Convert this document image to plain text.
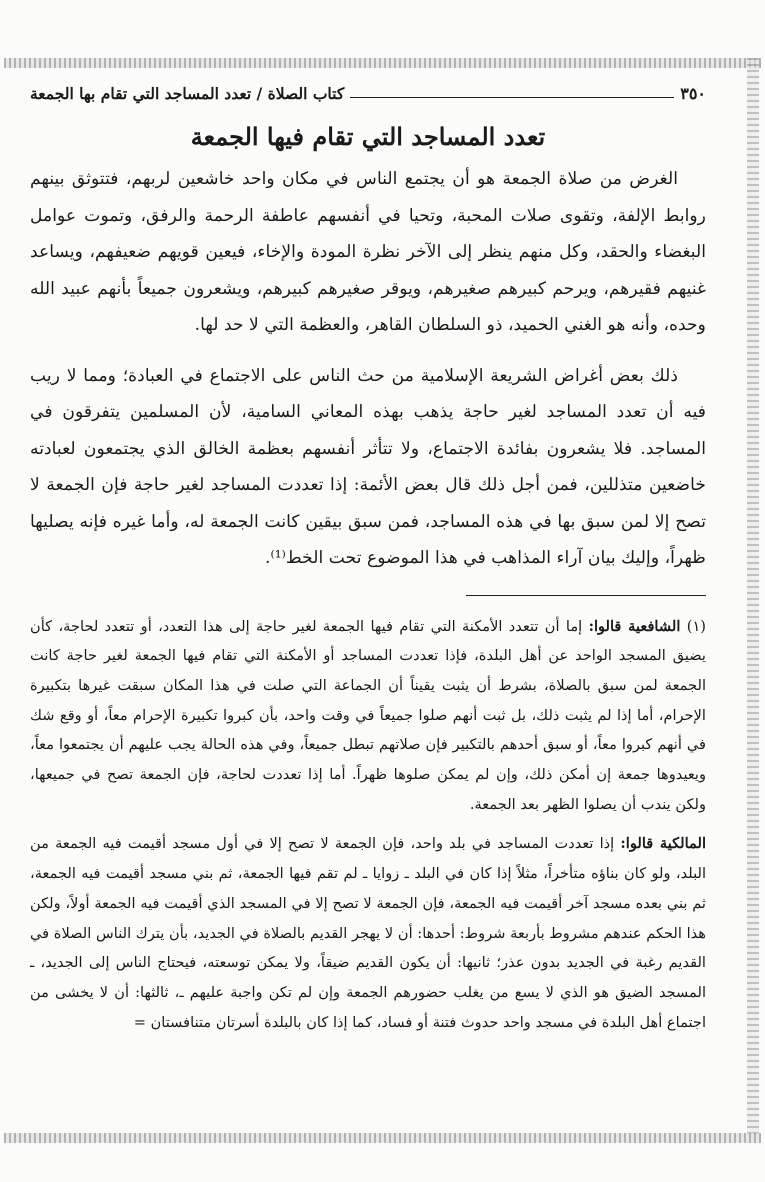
٣٥٠
كتاب الصلاة / تعدد المساجد التي تقام بها الجمعة
تعدد المساجد التي تقام فيها الجمعة

الغرض من صلاة الجمعة هو أن يجتمع الناس في مكان واحد خاشعين لربهم، فتتوثق بينهم روابط الإلفة، وتقوى صلات المحبة، وتحيا في أنفسهم عاطفة الرحمة والرفق، وتموت عوامل البغضاء والحقد، وكل منهم ينظر إلى الآخر نظرة المودة والإخاء، فيعين قويهم ضعيفهم، ويساعد غنيهم فقيرهم، ويرحم كبيرهم صغيرهم، ويوقر صغيرهم كبيرهم، ويشعرون جميعاً بأنهم عبيد الله وحده، وأنه هو الغني الحميد، ذو السلطان القاهر، والعظمة التي لا حد لها.

ذلك بعض أغراض الشريعة الإسلامية من حث الناس على الاجتماع في العبادة؛ ومما لا ريب فيه أن تعدد المساجد لغير حاجة يذهب بهذه المعاني السامية، لأن المسلمين يتفرقون في المساجد. فلا يشعرون بفائدة الاجتماع، ولا تتأثر أنفسهم بعظمة الخالق الذي يجتمعون لعبادته خاضعين متذللين، فمن أجل ذلك قال بعض الأئمة: إذا تعددت المساجد لغير حاجة فإن الجمعة لا تصح إلا لمن سبق بها في هذه المساجد، فمن سبق بيقين كانت الجمعة له، وأما غيره فإنه يصليها ظهراً، وإليك بيان آراء المذاهب في هذا الموضوع تحت الخط⁽¹⁾.

(١) الشافعية قالوا: إما أن تتعدد الأمكنة التي تقام فيها الجمعة لغير حاجة إلى هذا التعدد، أو تتعدد لحاجة، كأن يضيق المسجد الواحد عن أهل البلدة، فإذا تعددت المساجد أو الأمكنة التي تقام فيها الجمعة لغير حاجة كانت الجمعة لمن سبق بالصلاة، بشرط أن يثبت يقيناً أن الجماعة التي صلت في هذا المكان سبقت غيرها بتكبيرة الإحرام، أما إذا لم يثبت ذلك، بل ثبت أنهم صلوا جميعاً في وقت واحد، بأن كبروا تكبيرة الإحرام معاً، أو وقع شك في أنهم كبروا معاً، أو سبق أحدهم بالتكبير فإن صلاتهم تبطل جميعاً، وفي هذه الحالة يجب عليهم أن يجتمعوا معاً، ويعيدوها جمعة إن أمكن ذلك، وإن لم يمكن صلوها ظهراً. أما إذا تعددت لحاجة، فإن الجمعة تصح في جميعها، ولكن يندب أن يصلوا الظهر بعد الجمعة.

المالكية قالوا: إذا تعددت المساجد في بلد واحد، فإن الجمعة لا تصح إلا في أول مسجد أقيمت فيه الجمعة من البلد، ولو كان بناؤه متأخراً، مثلاً إذا كان في البلد ـ زوايا ـ لم تقم فيها الجمعة، ثم بني مسجد أقيمت فيه الجمعة، ثم بني بعده مسجد آخر أقيمت فيه الجمعة، فإن الجمعة لا تصح إلا في المسجد الذي أقيمت فيه الجمعة أولاً، ولكن هذا الحكم عندهم مشروط بأربعة شروط: أحدها: أن لا يهجر القديم بالصلاة في الجديد، بأن يترك الناس الصلاة في القديم رغبة في الجديد بدون عذر؛ ثانيها: أن يكون القديم ضيقاً، ولا يمكن توسعته، فيحتاج الناس إلى الجديد، ـ المسجد الضيق هو الذي لا يسع من يغلب حضورهم الجمعة وإن لم تكن واجبة عليهم ـ، ثالثها: أن لا يخشى من اجتماع أهل البلدة في مسجد واحد حدوث فتنة أو فساد، كما إذا كان بالبلدة أسرتان متنافستان =
